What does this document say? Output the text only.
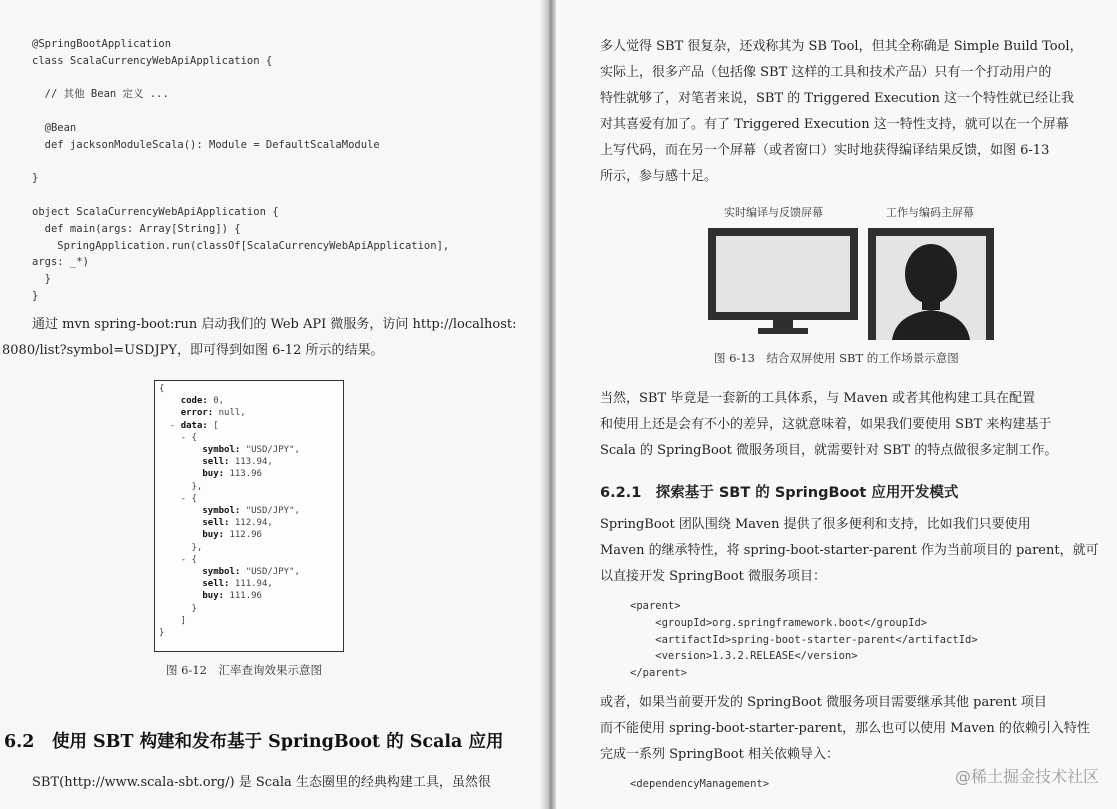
@SpringBootApplication
class ScalaCurrencyWebApiApplication {

// 其他 Bean 定义 ...

@Bean
def jacksonModuleScala(): Module = DefaultScalaModule

}

object ScalaCurrencyWebApiApplication {
def main(args: Array[String]) {
SpringApplication.run(classOf[ScalaCurrencyWebApiApplication],
args: _*)
}
}

通过 mvn spring-boot:run 启动我们的 Web API 微服务，访问 http://localhost:

8080/list?symbol=USDJPY，即可得到如图 6-12 所示的结果。

{
code: 0,
error: null,
- data: [
- {
symbol: "USD/JPY",
sell: 113.94,
buy: 113.96
},
- {
symbol: "USD/JPY",
sell: 112.94,
buy: 112.96
},
- {
symbol: "USD/JPY",
sell: 111.94,
buy: 111.96
}
]
}

图 6-12　汇率查询效果示意图

6.2　使用 SBT 构建和发布基于 SpringBoot 的 Scala 应用

SBT(http://www.scala-sbt.org/) 是 Scala 生态圈里的经典构建工具，虽然很

多人觉得 SBT 很复杂，还戏称其为 SB Tool，但其全称确是 Simple Build Tool，
实际上，很多产品（包括像 SBT 这样的工具和技术产品）只有一个打动用户的
特性就够了，对笔者来说，SBT 的 Triggered Execution 这一个特性就已经让我
对其喜爱有加了。有了 Triggered Execution 这一特性支持，就可以在一个屏幕
上写代码，而在另一个屏幕（或者窗口）实时地获得编译结果反馈，如图 6-13
所示，参与感十足。
实时编译与反馈屏幕	工作与编码主屏幕

图 6-13　结合双屏使用 SBT 的工作场景示意图

当然，SBT 毕竟是一套新的工具体系，与 Maven 或者其他构建工具在配置
和使用上还是会有不小的差异，这就意味着，如果我们要使用 SBT 来构建基于
Scala 的 SpringBoot 微服务项目，就需要针对 SBT 的特点做很多定制工作。
6.2.1　探索基于 SBT 的 SpringBoot 应用开发模式
SpringBoot 团队围绕 Maven 提供了很多便利和支持，比如我们只要使用
Maven 的继承特性，将 spring-boot-starter-parent 作为当前项目的 parent，就可
以直接开发 SpringBoot 微服务项目：
<parent>
<groupId>org.springframework.boot</groupId>
<artifactId>spring-boot-starter-parent</artifactId>
<version>1.3.2.RELEASE</version>
</parent>
或者，如果当前要开发的 SpringBoot 微服务项目需要继承其他 parent 项目
而不能使用 spring-boot-starter-parent，那么也可以使用 Maven 的依赖引入特性
完成一系列 SpringBoot 相关依赖导入：
<dependencyManagement>	@稀土掘金技术社区
